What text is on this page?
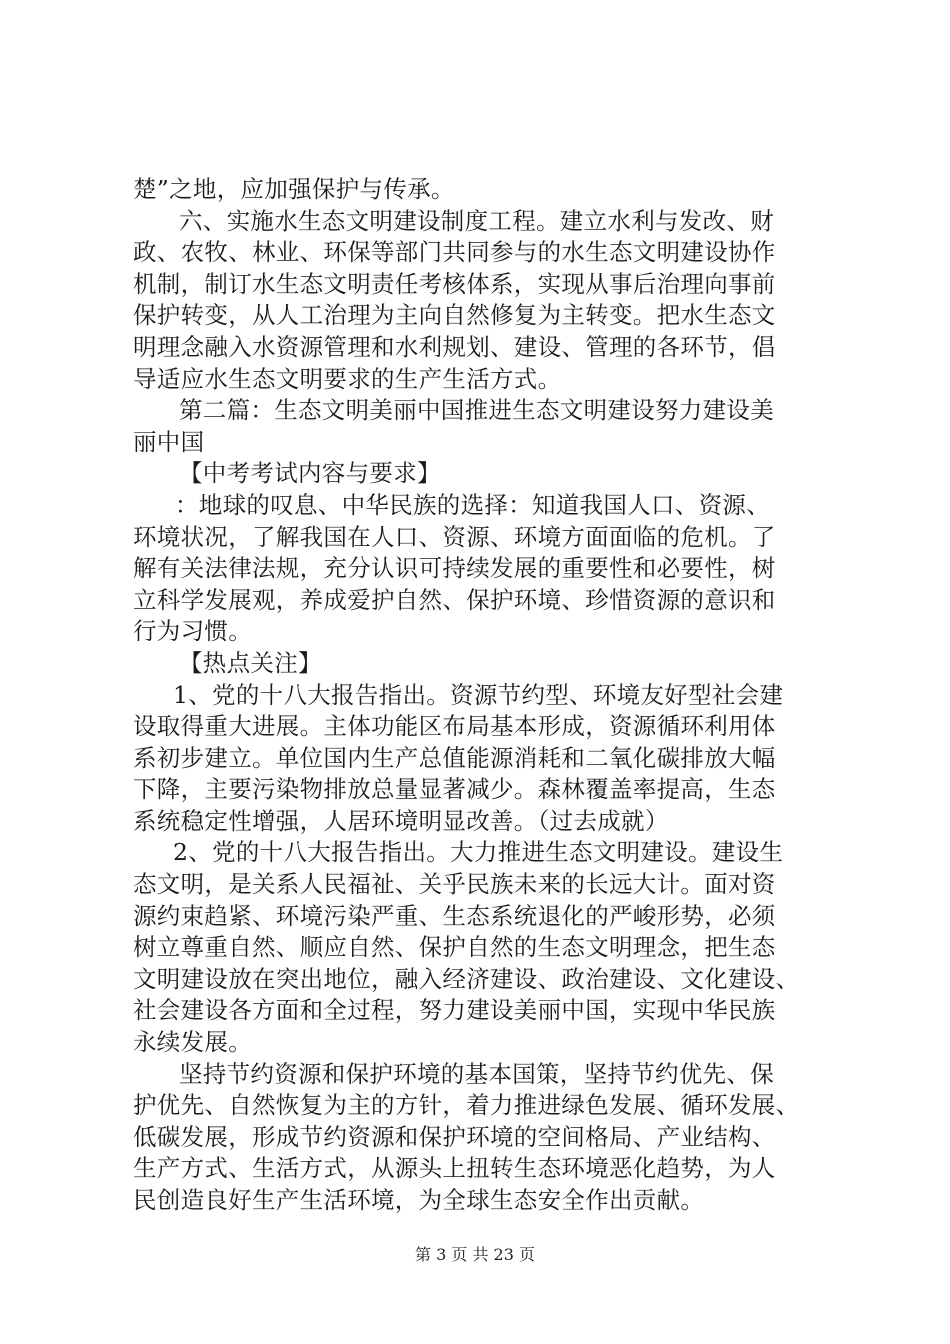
楚”之地，应加强保护与传承。
六、实施水生态文明建设制度工程。建立水利与发改、财
政、农牧、林业、环保等部门共同参与的水生态文明建设协作
机制，制订水生态文明责任考核体系，实现从事后治理向事前
保护转变，从人工治理为主向自然修复为主转变。把水生态文
明理念融入水资源管理和水利规划、建设、管理的各环节，倡
导适应水生态文明要求的生产生活方式。
第二篇：生态文明美丽中国推进生态文明建设努力建设美
丽中国
【中考考试内容与要求】
：地球的叹息、中华民族的选择：知道我国人口、资源、
环境状况，了解我国在人口、资源、环境方面面临的危机。了
解有关法律法规，充分认识可持续发展的重要性和必要性，树
立科学发展观，养成爱护自然、保护环境、珍惜资源的意识和
行为习惯。
【热点关注】
1、党的十八大报告指出。资源节约型、环境友好型社会建
设取得重大进展。主体功能区布局基本形成，资源循环利用体
系初步建立。单位国内生产总值能源消耗和二氧化碳排放大幅
下降，主要污染物排放总量显著减少。森林覆盖率提高，生态
系统稳定性增强，人居环境明显改善。（过去成就）
2、党的十八大报告指出。大力推进生态文明建设。建设生
态文明，是关系人民福祉、关乎民族未来的长远大计。面对资
源约束趋紧、环境污染严重、生态系统退化的严峻形势，必须
树立尊重自然、顺应自然、保护自然的生态文明理念，把生态
文明建设放在突出地位，融入经济建设、政治建设、文化建设、
社会建设各方面和全过程，努力建设美丽中国，实现中华民族
永续发展。
坚持节约资源和保护环境的基本国策，坚持节约优先、保
护优先、自然恢复为主的方针，着力推进绿色发展、循环发展、
低碳发展，形成节约资源和保护环境的空间格局、产业结构、
生产方式、生活方式，从源头上扭转生态环境恶化趋势，为人
民创造良好生产生活环境，为全球生态安全作出贡献。
第 3 页 共 23 页
